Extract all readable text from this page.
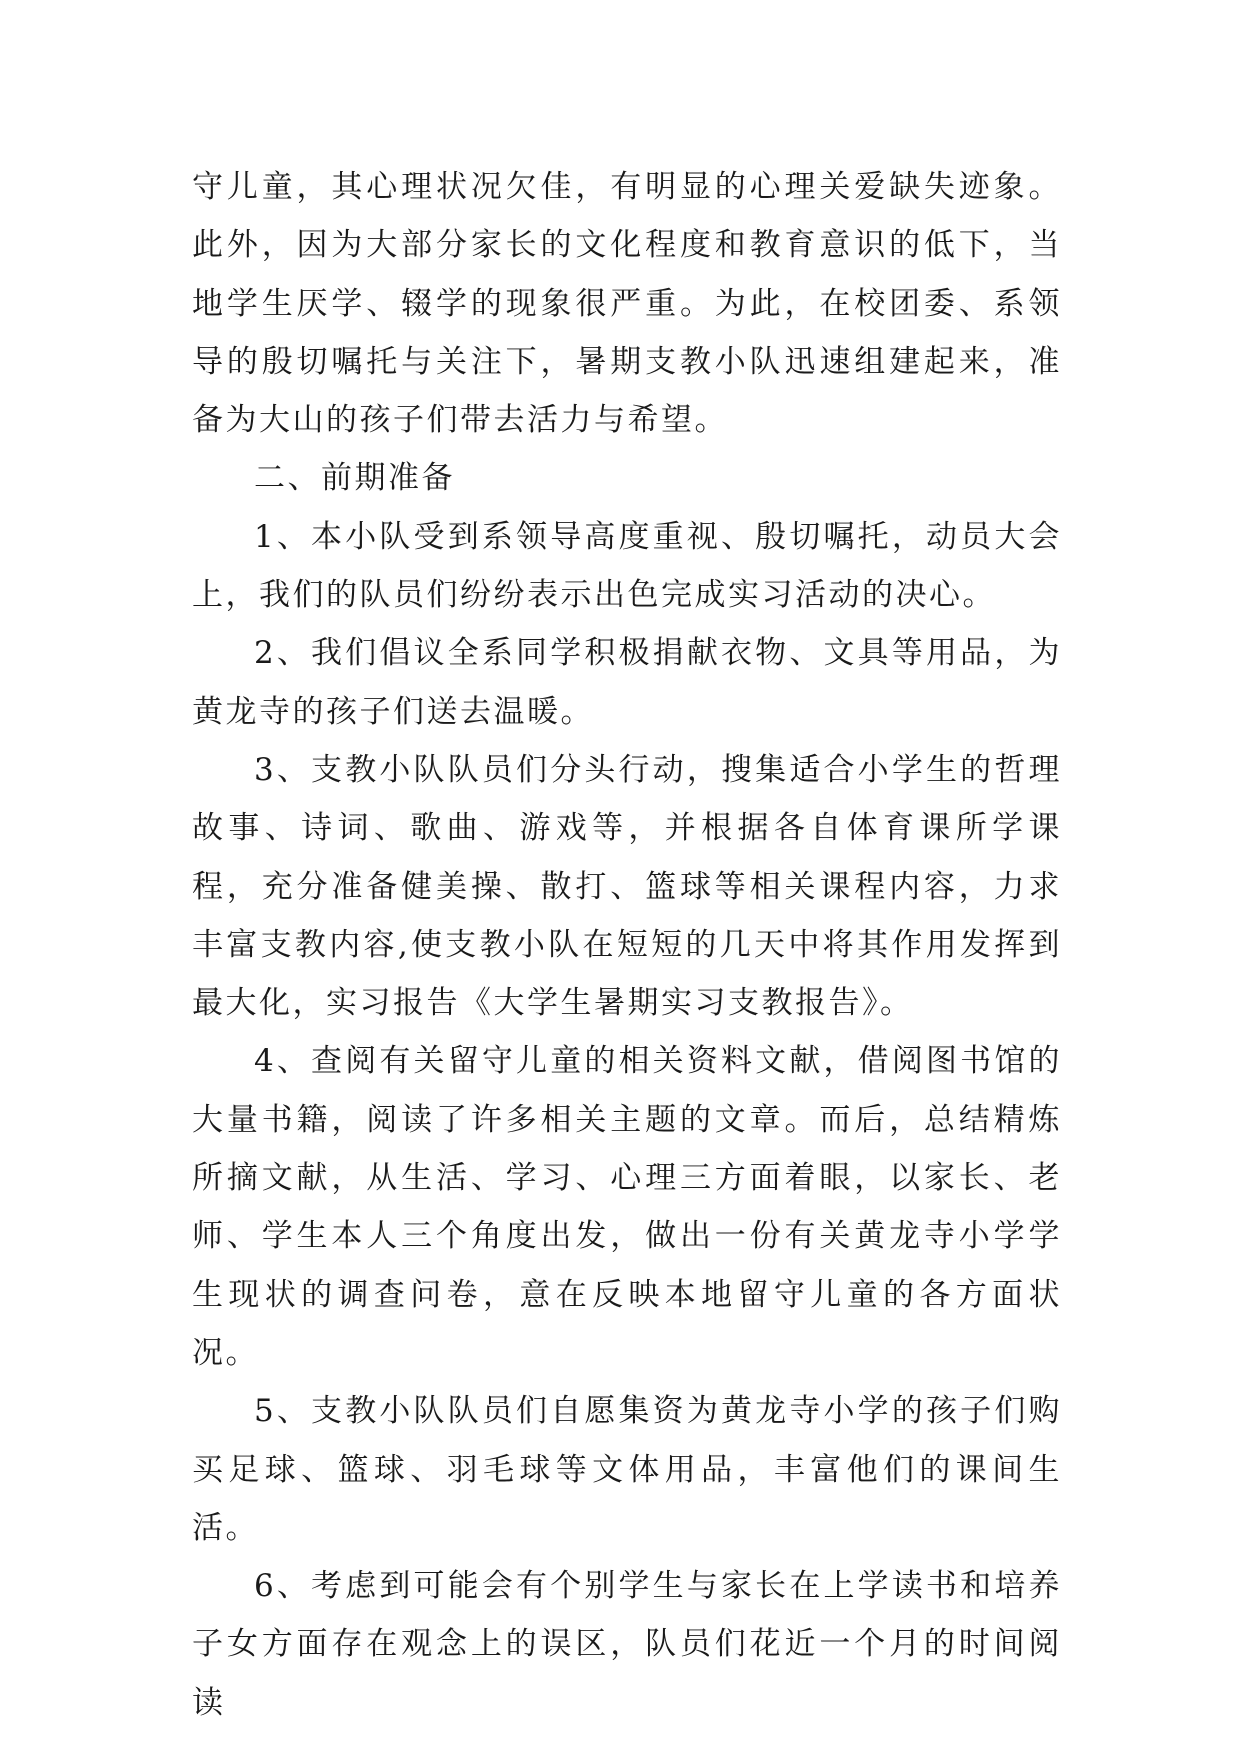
守儿童，其心理状况欠佳，有明显的心理关爱缺失迹象。此外，因为大部分家长的文化程度和教育意识的低下，当地学生厌学、辍学的现象很严重。为此，在校团委、系领导的殷切嘱托与关注下，暑期支教小队迅速组建起来，准备为大山的孩子们带去活力与希望。

二、前期准备

1、本小队受到系领导高度重视、殷切嘱托，动员大会上，我们的队员们纷纷表示出色完成实习活动的决心。

2、我们倡议全系同学积极捐献衣物、文具等用品，为黄龙寺的孩子们送去温暖。

3、支教小队队员们分头行动，搜集适合小学生的哲理故事、诗词、歌曲、游戏等，并根据各自体育课所学课程，充分准备健美操、散打、篮球等相关课程内容，力求丰富支教内容,使支教小队在短短的几天中将其作用发挥到最大化，实习报告《大学生暑期实习支教报告》。

4、查阅有关留守儿童的相关资料文献，借阅图书馆的大量书籍，阅读了许多相关主题的文章。而后，总结精炼所摘文献，从生活、学习、心理三方面着眼，以家长、老师、学生本人三个角度出发，做出一份有关黄龙寺小学学生现状的调查问卷，意在反映本地留守儿童的各方面状况。

5、支教小队队员们自愿集资为黄龙寺小学的孩子们购买足球、篮球、羽毛球等文体用品，丰富他们的课间生活。

6、考虑到可能会有个别学生与家长在上学读书和培养子女方面存在观念上的误区，队员们花近一个月的时间阅读
